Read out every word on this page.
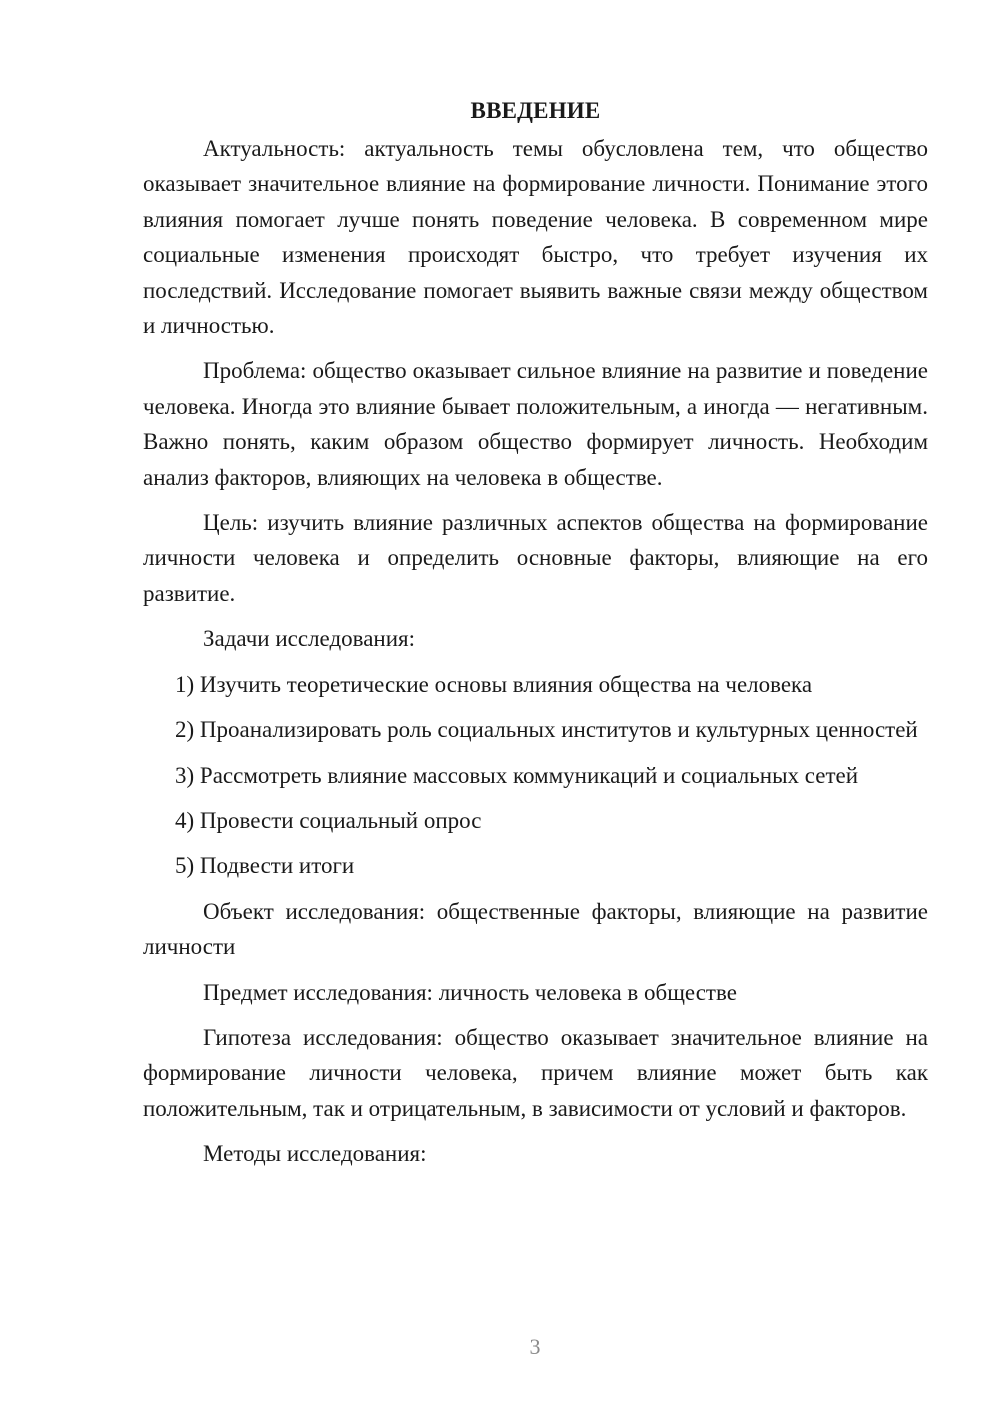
ВВЕДЕНИЕ

Актуальность: актуальность темы обусловлена тем, что общество оказывает значительное влияние на формирование личности. Понимание этого влияния помогает лучше понять поведение человека. В современном мире социальные изменения происходят быстро, что требует изучения их последствий. Исследование помогает выявить важные связи между обществом и личностью.

Проблема: общество оказывает сильное влияние на развитие и поведение человека. Иногда это влияние бывает положительным, а иногда — негативным. Важно понять, каким образом общество формирует личность. Необходим анализ факторов, влияющих на человека в обществе.

Цель: изучить влияние различных аспектов общества на формирование личности человека и определить основные факторы, влияющие на его развитие.

Задачи исследования:

1) Изучить теоретические основы влияния общества на человека

2) Проанализировать роль социальных институтов и культурных ценностей

3) Рассмотреть влияние массовых коммуникаций и социальных сетей

4) Провести социальный опрос

5) Подвести итоги

Объект исследования: общественные факторы, влияющие на развитие личности

Предмет исследования: личность человека в обществе

Гипотеза исследования: общество оказывает значительное влияние на формирование личности человека, причем влияние может быть как положительным, так и отрицательным, в зависимости от условий и факторов.

Методы исследования:

3
